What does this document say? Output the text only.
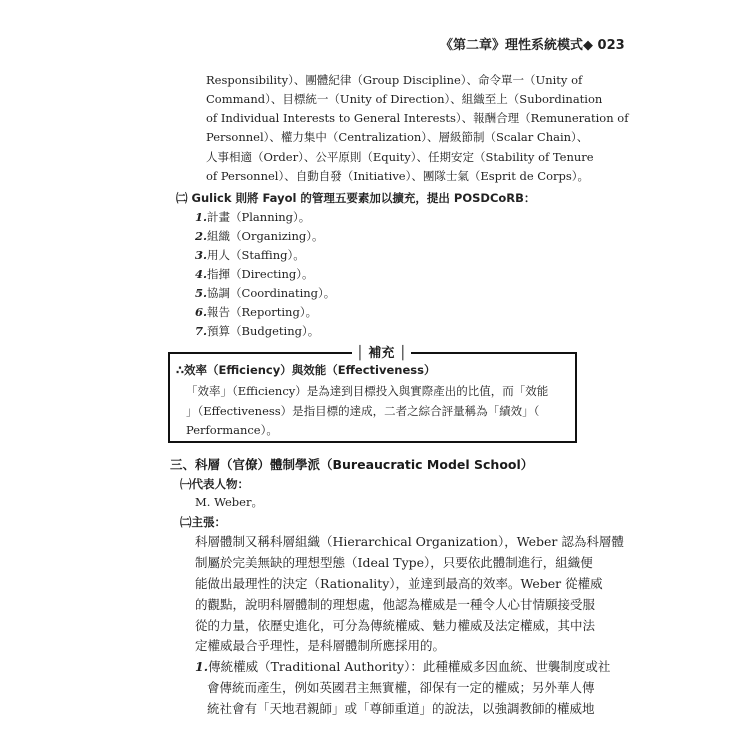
《第二章》理性系統模式◆ 023
Responsibility）、團體紀律（Group Discipline）、命令單一（Unity of
Command）、目標統一（Unity of Direction）、組織至上（Subordination
of Individual Interests to General Interests）、報酬合理（Remuneration of
Personnel）、權力集中（Centralization）、層級節制（Scalar Chain）、
人事相適（Order）、公平原則（Equity）、任期安定（Stability of Tenure
of Personnel）、自動自發（Initiative）、團隊士氣（Esprit de Corps）。
㈡ Gulick 則將 Fayol 的管理五要素加以擴充，提出 POSDCoRB：
1.計畫（Planning）。
2.組織（Organizing）。
3.用人（Staffing）。
4.指揮（Directing）。
5.協調（Coordinating）。
6.報告（Reporting）。
7.預算（Budgeting）。
│ 補充 │
∴效率（Efficiency）與效能（Effectiveness）
「效率」（Efficiency）是為達到目標投入與實際產出的比值，而「效能
」（Effectiveness）是指目標的達成，二者之綜合評量稱為「績效」（
Performance）。
三、科層（官僚）體制學派（Bureaucratic Model School）
㈠代表人物：
M. Weber。
㈡主張：
科層體制又稱科層組織（Hierarchical Organization），Weber 認為科層體
制屬於完美無缺的理想型態（Ideal Type），只要依此體制進行，組織便
能做出最理性的決定（Rationality），並達到最高的效率。Weber 從權威
的觀點，說明科層體制的理想處，他認為權威是一種令人心甘情願接受服
從的力量，依歷史進化，可分為傳統權威、魅力權威及法定權威，其中法
定權威最合乎理性，是科層體制所應採用的。
1.傳統權威（Traditional Authority）：此種權威多因血統、世襲制度或社
會傳統而產生，例如英國君主無實權，卻保有一定的權威；另外華人傳
統社會有「天地君親師」或「尊師重道」的說法，以強調教師的權威地
